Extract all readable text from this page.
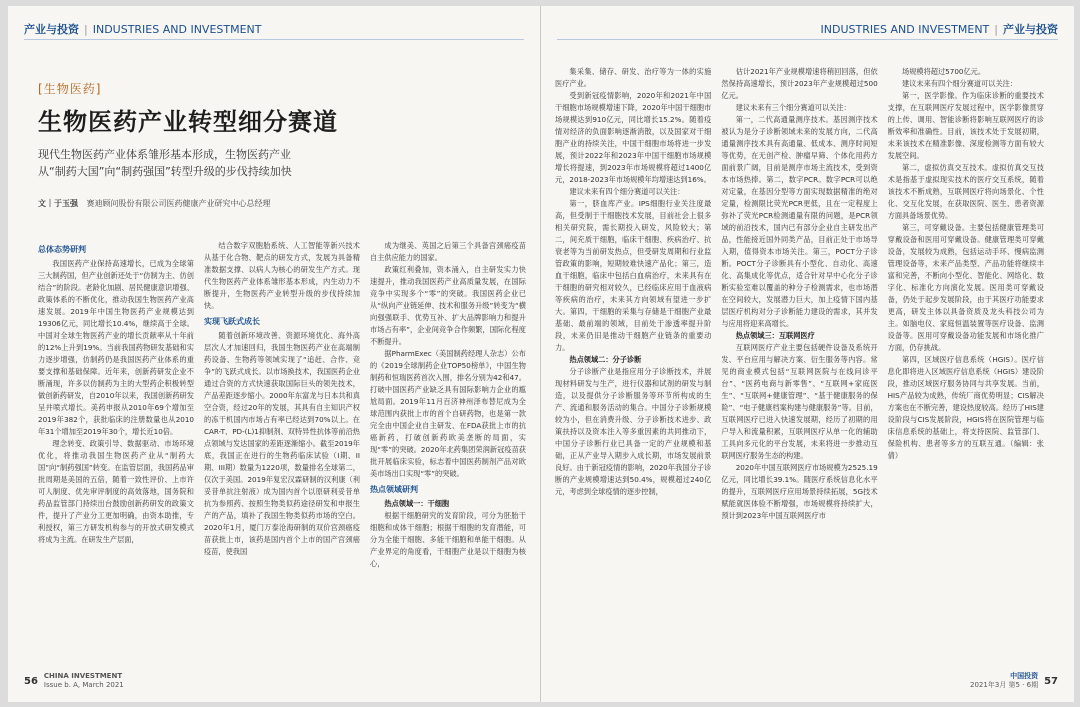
产业与投资 | INDUSTRIES AND INVESTMENT
[生物医药]
生物医药产业转型细分赛道
现代生物医药产业体系雏形基本形成，生物医药产业
从“制药大国”向“制药强国”转型升级的步伐持续加快
文｜于玉强 赛迪顾问股份有限公司医药健康产业研究中心总经理
总体态势研判

我国医药产业保持高速增长，已成为全球第三大制药国，但产业创新还处于“仿制为主、仿创结合”的阶段。老龄化加剧、居民健康意识增强、政策体系的不断优化，推动我国生物医药产业高速发展。2019年中国生物医药产业规模达到19306亿元，同比增长10.4%，继续高于全球。中国对全球生物医药产业的增长贡献率从十年前的12%上升到19%。当前我国药物研发基础和实力逐步增强，仿制药仍是我国医药产业体系的重要支撑和基础保障。近年来，创新药研发企业不断涌现，许多以仿制药为主的大型药企积极转型做创新药研发，自2010年以来，我国创新药研发呈井喷式增长。美药申报从2010年69个增加至2019年382个，获批临床的注册数量也从2010年31个增加至2019年30个，增长近10倍。

理念转变、政策引导、数据驱动、市场环境优化，将推动我国生物医药产业从“制药大国”向“制药强国”转变。在监管层面，我国药品审批周期是美国的五倍，随着一致性评价、上市许可人制度、优先审评制度的高效落地，国务院和药品监管部门持续出台鼓励创新药研发的政策文件，提升了产业分工更加明确，由资本助推，专利授权，第三方研发机构参与的开放式研发模式将成为主流。在研发生产层面，

结合数字双胞胎系统、人工智能等新兴技术从基于化合物、靶点的研发方式，发展为具备精准数据支撑、以病人为核心的研发生产方式。现代生物医药产业体系雏形基本形成，内生动力不断提升，生物医药产业转型升级的步伐持续加快。

实现飞跃式成长

随着创新环境改善、资源环境优化、海外高层次人才加速回归，我国生物医药产业在高端制药设备、生物药等领域实现了“追赶、合作、竞争”的飞跃式成长。以市场换技术，我国医药企业通过合资的方式快速获取国际巨头的领先技术，产品差距逐步缩小。2000年东富龙与日本共和真空合资，经过20年的发展，其具有自主知识产权的冻干机国内市场占有率已经达到70%以上。在CAR-T、PD-(L)1抑制剂、双特异性抗体等前沿热点领域与发达国家的差距逐渐缩小。截至2019年底，我国正在进行的生物药临床试验（I期、II期、III期）数量为1220项，数量排名全球第二，仅次于美国。2019年复宏汉霖研制的汉利康（利妥昔单抗注射液）成为国内首个以原研利妥昔单抗为参照药、按照生物类似药途径研发和申报生产的产品，填补了我国生物类似药市场的空白。2020年1月，厦门万泰沧海研制的双价宫颈癌疫苗获批上市，该药是国内首个上市的国产宫颈癌疫苗，使我国

成为继美、英国之后第三个具备宫颈癌疫苗自主供应能力的国家。

政策红利叠加，资本涌入，自主研发实力快速提升，推动我国医药产业高质量发展，在国际竞争中实现多个“零”的突破。我国医药企业已从“纵向产业链延伸、技术和服务升级”转变为“横向强强联手、优势互补、扩大品牌影响力和提升市场占有率”，企业间竞争合作频繁，国际化程度不断提升。

据PharmExec（美国制药经理人杂志）公布的《2019全球制药企业TOP50榜单》，中国生物制药和恒瑞医药首次入围，排名分别为42和47。打破中国医药产业缺乏具有国际影响力企业的尴尬局面。2019年11月百济神州泽布替尼成为全球范围内获批上市的首个自研药物，也是第一款完全由中国企业自主研发、在FDA获批上市的抗癌新药，打破创新药欧美垄断的局面，实现“零”的突破。2020年北药集团荣润新冠疫苗获批开展临床实验，标志着中国医药制剂产品对欧美市场出口实现“零”的突破。

热点领域研判

热点领域一：干细胞

根据干细胞研究的发育阶段，可分为胚胎干细胞和成体干细胞；根据干细胞的发育潜能，可分为全能干细胞、多能干细胞和单能干细胞。从产业界定的角度看，干细胞产业是以干细胞为核心，

56 CHINA INVESTMENT
Issue b. A, March 2021
INDUSTRIES AND INVESTMENT | 产业与投资

集采集、储存、研发、治疗等为一体的实施医疗产业。

受到新冠疫情影响，2020年和2021年中国干细胞市场规模增速下降，2020年中国干细胞市场规模达到910亿元，同比增长15.2%。随着疫情对经济的负面影响逐渐消散，以及国家对干细胞产业的持续关注，中国干细胞市场将进一步发展，预计2022年和2023年中国干细胞市场规模增长将提速，到2023年市场规模将超过1400亿元，2018-2023年市场规模年均增速达到16%。

建议未来有四个细分赛道可以关注：

第一，脐血库产业。IPS细胞行业关注度最高，但受制于干细胞技术发展，目前社会上很多相关研究院，需长期投入研发，风险较大；第二，间充质干细胞，临床干细胞、疾病治疗、抗衰老等为当前研发热点，但受研发周期和行业监管政策的影响，短期较难快速产品化；第三，造血干细胞，临床中包括白血病治疗，未来具有在干细胞的研究相对较久，已经临床应用于血液病等疾病的治疗，未来其方向领域有望进一步扩大。第四，干细胞的采集与存储是干细胞产业最基础、最前端的领域，目前处于渗透率提升阶段，未来仍旧是推动干细胞产业链条的重要动力。

热点领域二：分子诊断

分子诊断产业是指应用分子诊断技术，并展现材料研发与生产，进行仪器和试剂的研发与制造，以及提供分子诊断服务等环节所构成的生产、流通和服务活动的集合。中国分子诊断规模较为小，但在消费升级、分子诊断技术进步、政策扶持以及资本注入等多重因素的共同推动下，中国分子诊断行业已具备一定的产业规模和基础，正从产业导入期步入成长期，市场发展前景良好。由于新冠疫情的影响，2020年我国分子诊断的产业规模增速达到50.4%，规模超过240亿元，考虑到全球疫情的逐步控制，

估计2021年产业规模增速将稍回回落，但依然保持高速增长，预计2023年产业规模超过500亿元。

建议未来有三个细分赛道可以关注：

第一，二代高通量测序技术。基因测序技术被认为是分子诊断领域未来的发展方向，二代高通量测序技术具有高通量、低成本、测序时间短等优势，在无创产检、肿瘤早筛、个体化用药方面前景广阔，目前是测序市场主流技术，受到资本市场热捧。第二，数字PCR。数字PCR可以绝对定量，在基因分型等方面实现数据精准的绝对定量，检测限比荧光PCR更低，且在一定程度上弥补了荧光PCR检测通量有限的问题，是PCR领域的前沿技术，国内已有部分企业自主研发出产品，性能接近国外同类产品，目前正处于市场导入期，值得资本市场关注。第三，POCT分子诊断。POCT分子诊断具有小型化、自动化、高速化、高集成化等优点，适合针对早中心化分子诊断实验室难以覆盖的种分子检测需求，也市场潜在空间较大，发展潜力巨大，加上疫情下国内基层医疗机构对分子诊断能力建设的需求，其并发与应用将迎来高增长。

热点领域三：互联网医疗

互联网医疗产业主要包括硬件设备及系统开发、平台应用与解决方案、衍生服务等内容。常见的商业模式包括“互联网医院与在线问诊平台”、“医药电商与新零售”、“互联网+家庭医生”、“互联网+健康管理”、“基于健康服务的保险”、“电子健康档案构建与健康服务”等。目前，互联网医疗已进入快速发展期，经历了初期的用户导入和流量积累，互联网医疗从单一化的辅助工具向多元化的平台发展，未来将进一步推动互联网医疗服务生态的构建。

2020年中国互联网医疗市场规模为2525.19亿元，同比增长39.1%。随医疗系统信息化水平的提升，互联网医疗应用场景持续拓展，5G技术赋能就医体验不断增强，市场规模将持续扩大，预计到2023年中国互联网医疗市

场规模将超过5700亿元。

建议未来有四个细分赛道可以关注：

第一，医学影像。作为临床诊断的重要技术支撑，在互联网医疗发展过程中，医学影像贯穿的上传、调用、智能诊断将影响互联网医疗的诊断效率和准确性。目前，该技术处于发展初期，未来该技术在精准影像、深度检测等方面有较大发展空间。

第二，虚拟仿真交互技术。虚拟仿真交互技术是指基于虚拟现实技术的医疗交互系统，随着该技术不断成熟，互联网医疗将向场景化、个性化、交互化发展，在获取医院、医生、患者资源方面具备场景优势。

第三，可穿戴设备。主要包括健康管理类可穿戴设备和医用可穿戴设备。健康管理类可穿戴设备，发展较为成熟，包括运动手环、慢病监测管理设备等，未来产品类型、产品功能将继续丰富和完善，不断向小型化、智能化、网络化、数字化、标准化方向演化发展。医用类可穿戴设备，仍处于起步发展阶段，由于其医疗功能要求更高，研发主体以具备资质及龙头科技公司为主。如脑电仪、家庭恒温装置等医疗设备、监测设备等。医用可穿戴设备功能发展和市场化推广方面，仍存挑战。

第四，区域医疗信息系统（HGIS）。医疗信息化即将进入区域医疗信息系统（HGIS）建设阶段，推动区域医疗服务协同与共享发展。当前，HIS产品较为成熟，传统厂商优势明显；CIS解决方案也在不断完善，建设热度较高。经历了HIS建设阶段与CIS发展阶段，HGIS将在医院管理与临床信息系统的基础上，将支持医院、监管部门、保险机构、患者等多方的互联互通。（编辑：张倩）

中国投资
2021年3月 第5 · 6期 57
